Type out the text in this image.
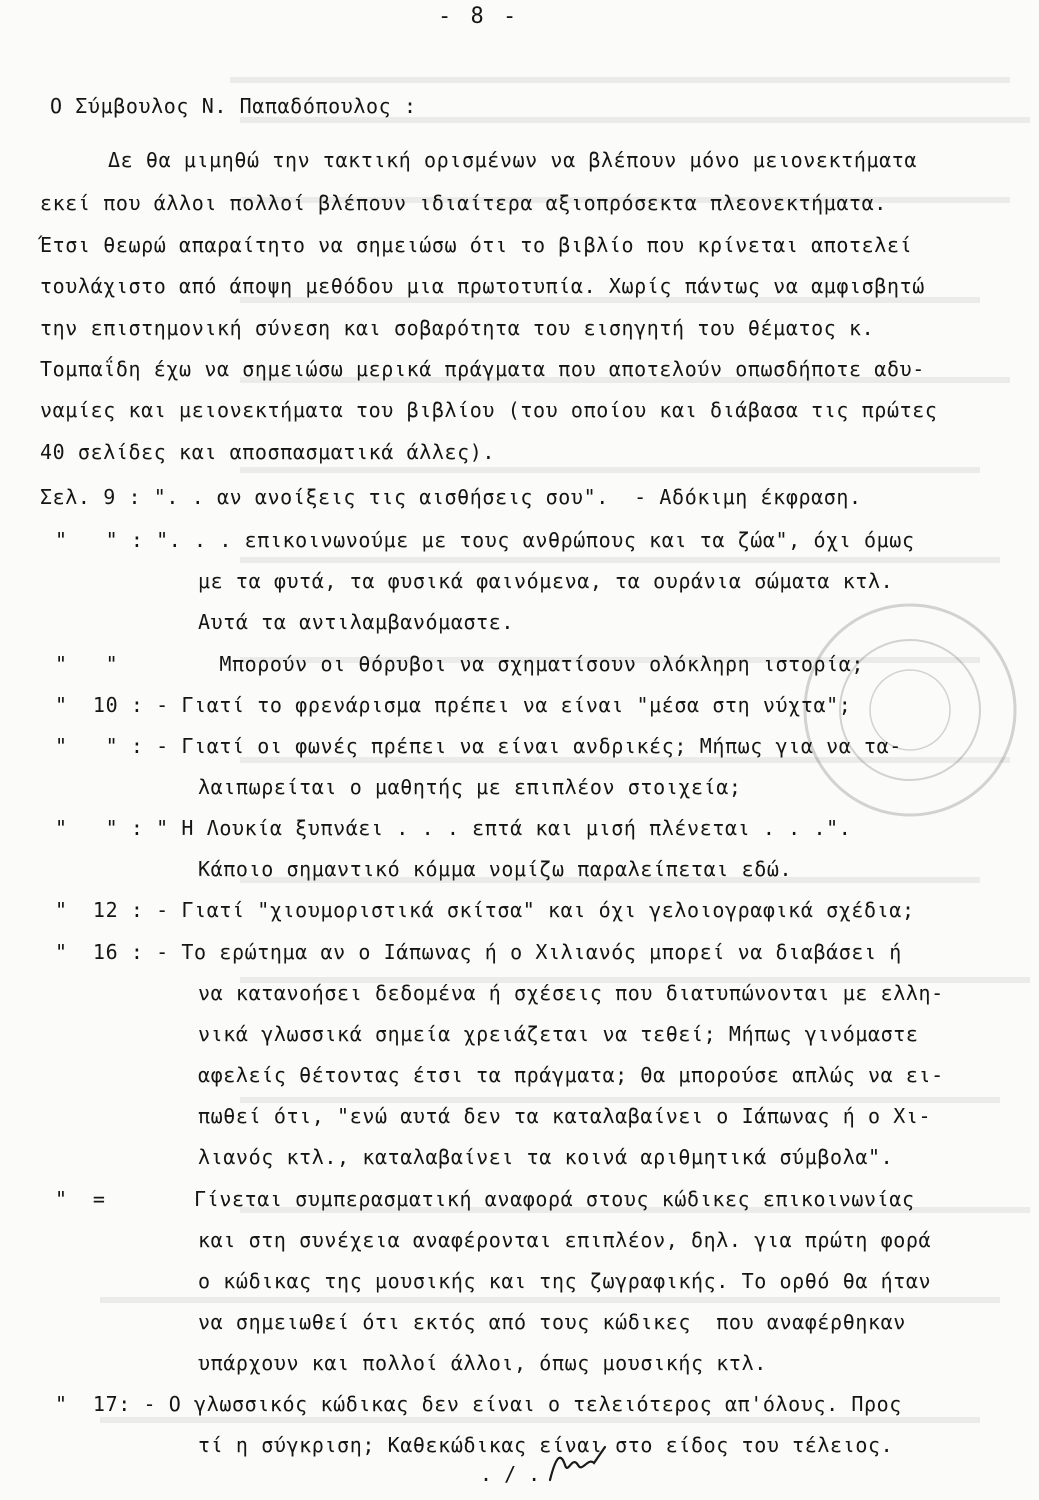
- 8 -
Ο Σύμβουλος Ν. Παπαδόπουλος :
Δε θα μιμηθώ την τακτική ορισμένων να βλέπουν μόνο μειονεκτήματα
εκεί που άλλοι πολλοί βλέπουν ιδιαίτερα αξιοπρόσεκτα πλεονεκτήματα.
Έτσι θεωρώ απαραίτητο να σημειώσω ότι το βιβλίο που κρίνεται αποτελεί
τουλάχιστο από άποψη μεθόδου μια πρωτοτυπία. Χωρίς πάντως να αμφισβητώ
την επιστημονική σύνεση και σοβαρότητα του εισηγητή του θέματος κ.
Τομπαΐδη έχω να σημειώσω μερικά πράγματα που αποτελούν οπωσδήποτε αδυ-
ναμίες και μειονεκτήματα του βιβλίου (του οποίου και διάβασα τις πρώτες
40 σελίδες και αποσπασματικά άλλες).
Σελ. 9 : ". . αν ανοίξεις τις αισθήσεις σου".  - Αδόκιμη έκφραση.
"   " : ". . . επικοινωνούμε με τους ανθρώπους και τα ζώα", όχι όμως
με τα φυτά, τα φυσικά φαινόμενα, τα ουράνια σώματα κτλ.
Αυτά τα αντιλαμβανόμαστε.
"   "        Μπορούν οι θόρυβοι να σχηματίσουν ολόκληρη ιστορία;
"  10 : - Γιατί το φρενάρισμα πρέπει να είναι "μέσα στη νύχτα";
"   " : - Γιατί οι φωνές πρέπει να είναι ανδρικές; Μήπως για να τα-
λαιπωρείται ο μαθητής με επιπλέον στοιχεία;
"   " : " Η Λουκία ξυπνάει . . . επτά και μισή πλένεται . . .".
Κάποιο σημαντικό κόμμα νομίζω παραλείπεται εδώ.
"  12 : - Γιατί "χιουμοριστικά σκίτσα" και όχι γελοιογραφικά σχέδια;
"  16 : - Το ερώτημα αν ο Ιάπωνας ή ο Χιλιανός μπορεί να διαβάσει ή
να κατανοήσει δεδομένα ή σχέσεις που διατυπώνονται με ελλη-
νικά γλωσσικά σημεία χρειάζεται να τεθεί; Μήπως γινόμαστε
αφελείς θέτοντας έτσι τα πράγματα; Θα μπορούσε απλώς να ει-
πωθεί ότι, "ενώ αυτά δεν τα καταλαβαίνει ο Ιάπωνας ή ο Χι-
λιανός κτλ., καταλαβαίνει τα κοινά αριθμητικά σύμβολα".
"  =       Γίνεται συμπερασματική αναφορά στους κώδικες επικοινωνίας
και στη συνέχεια αναφέρονται επιπλέον, δηλ. για πρώτη φορά
ο κώδικας της μουσικής και της ζωγραφικής. Το ορθό θα ήταν
να σημειωθεί ότι εκτός από τους κώδικες  που αναφέρθηκαν
υπάρχουν και πολλοί άλλοι, όπως μουσικής κτλ.
"  17: - Ο γλωσσικός κώδικας δεν είναι ο τελειότερος απ'όλους. Προς
τί η σύγκριση; Καθεκώδικας είναι στο είδος του τέλειος.
. / .
